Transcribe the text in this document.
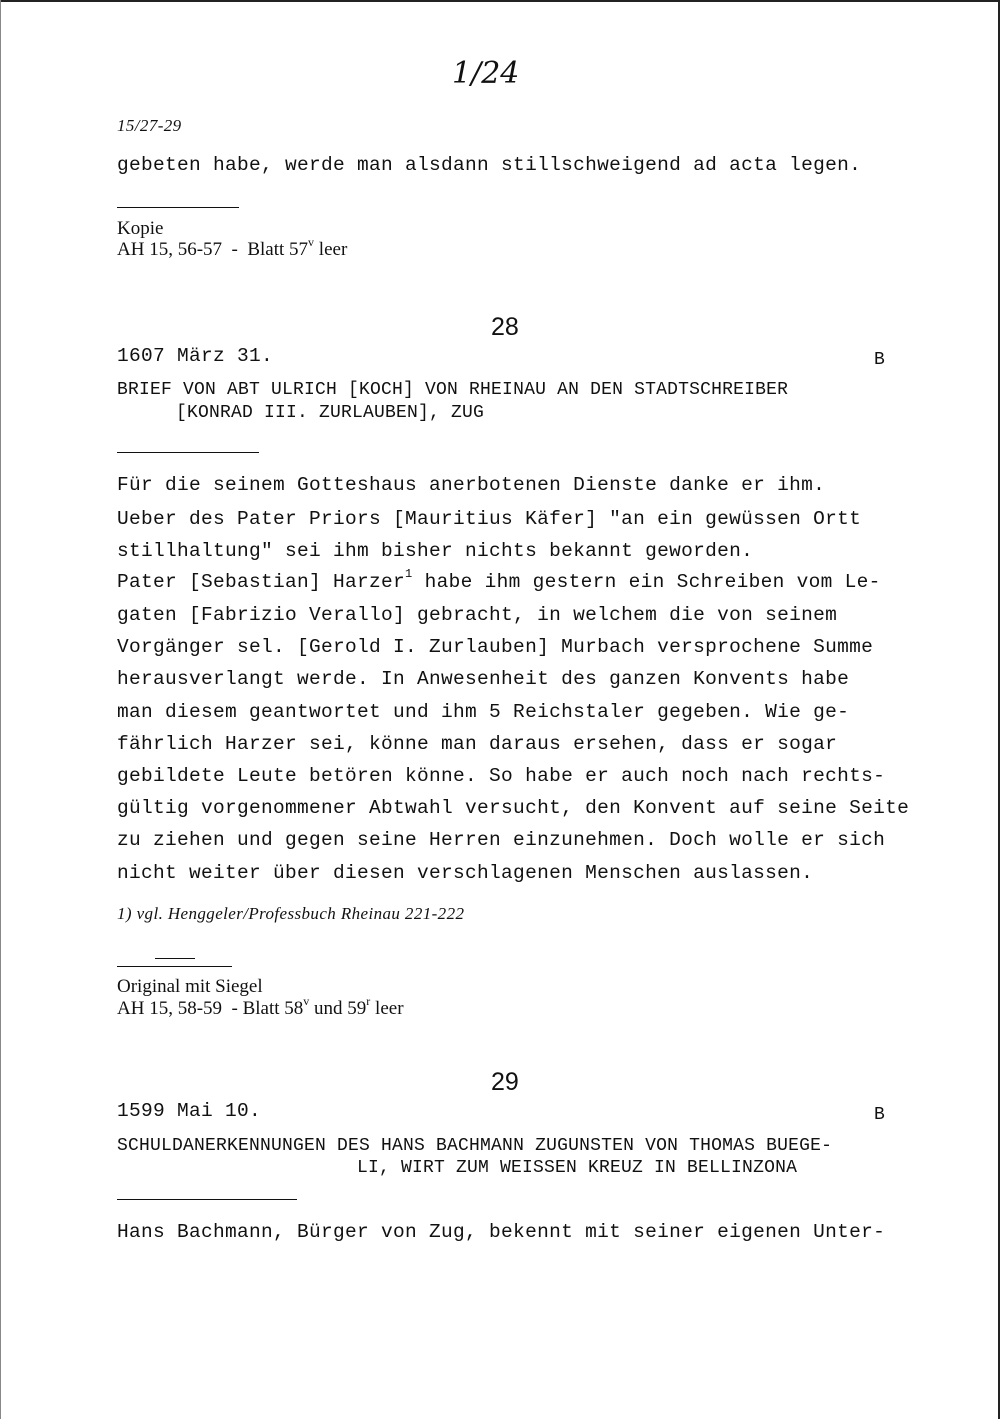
1/24
15/27-29
gebeten habe, werde man alsdann stillschweigend ad acta legen.
Kopie
AH 15, 56-57  -  Blatt 57$^v$ leer
28
1607 März 31.	B
BRIEF VON ABT ULRICH [KOCH] VON RHEINAU AN DEN STADTSCHREIBER
[KONRAD III. ZURLAUBEN], ZUG
Für die seinem Gotteshaus anerbotenen Dienste danke er ihm.
Ueber des Pater Priors [Mauritius Käfer] "an ein gewüssen Ortt
stillhaltung" sei ihm bisher nichts bekannt geworden.
Pater [Sebastian] Harzer$^1$ habe ihm gestern ein Schreiben vom Le-
gaten [Fabrizio Verallo] gebracht, in welchem die von seinem
Vorgänger sel. [Gerold I. Zurlauben] Murbach versprochene Summe
herausverlangt werde. In Anwesenheit des ganzen Konvents habe
man diesem geantwortet und ihm 5 Reichstaler gegeben. Wie ge-
fährlich Harzer sei, könne man daraus ersehen, dass er sogar
gebildete Leute betören könne. So habe er auch noch nach rechts-
gültig vorgenommener Abtwahl versucht, den Konvent auf seine Seite
zu ziehen und gegen seine Herren einzunehmen. Doch wolle er sich
nicht weiter über diesen verschlagenen Menschen auslassen.
1) vgl. Henggeler/Professbuch Rheinau 221-222
Original mit Siegel
AH 15, 58-59  - Blatt 58$^v$ und 59$^r$ leer
29
1599 Mai 10.	B
SCHULDANERKENNUNGEN DES HANS BACHMANN ZUGUNSTEN VON THOMAS BUEGE-
LI, WIRT ZUM WEISSEN KREUZ IN BELLINZONA
Hans Bachmann, Bürger von Zug, bekennt mit seiner eigenen Unter-
